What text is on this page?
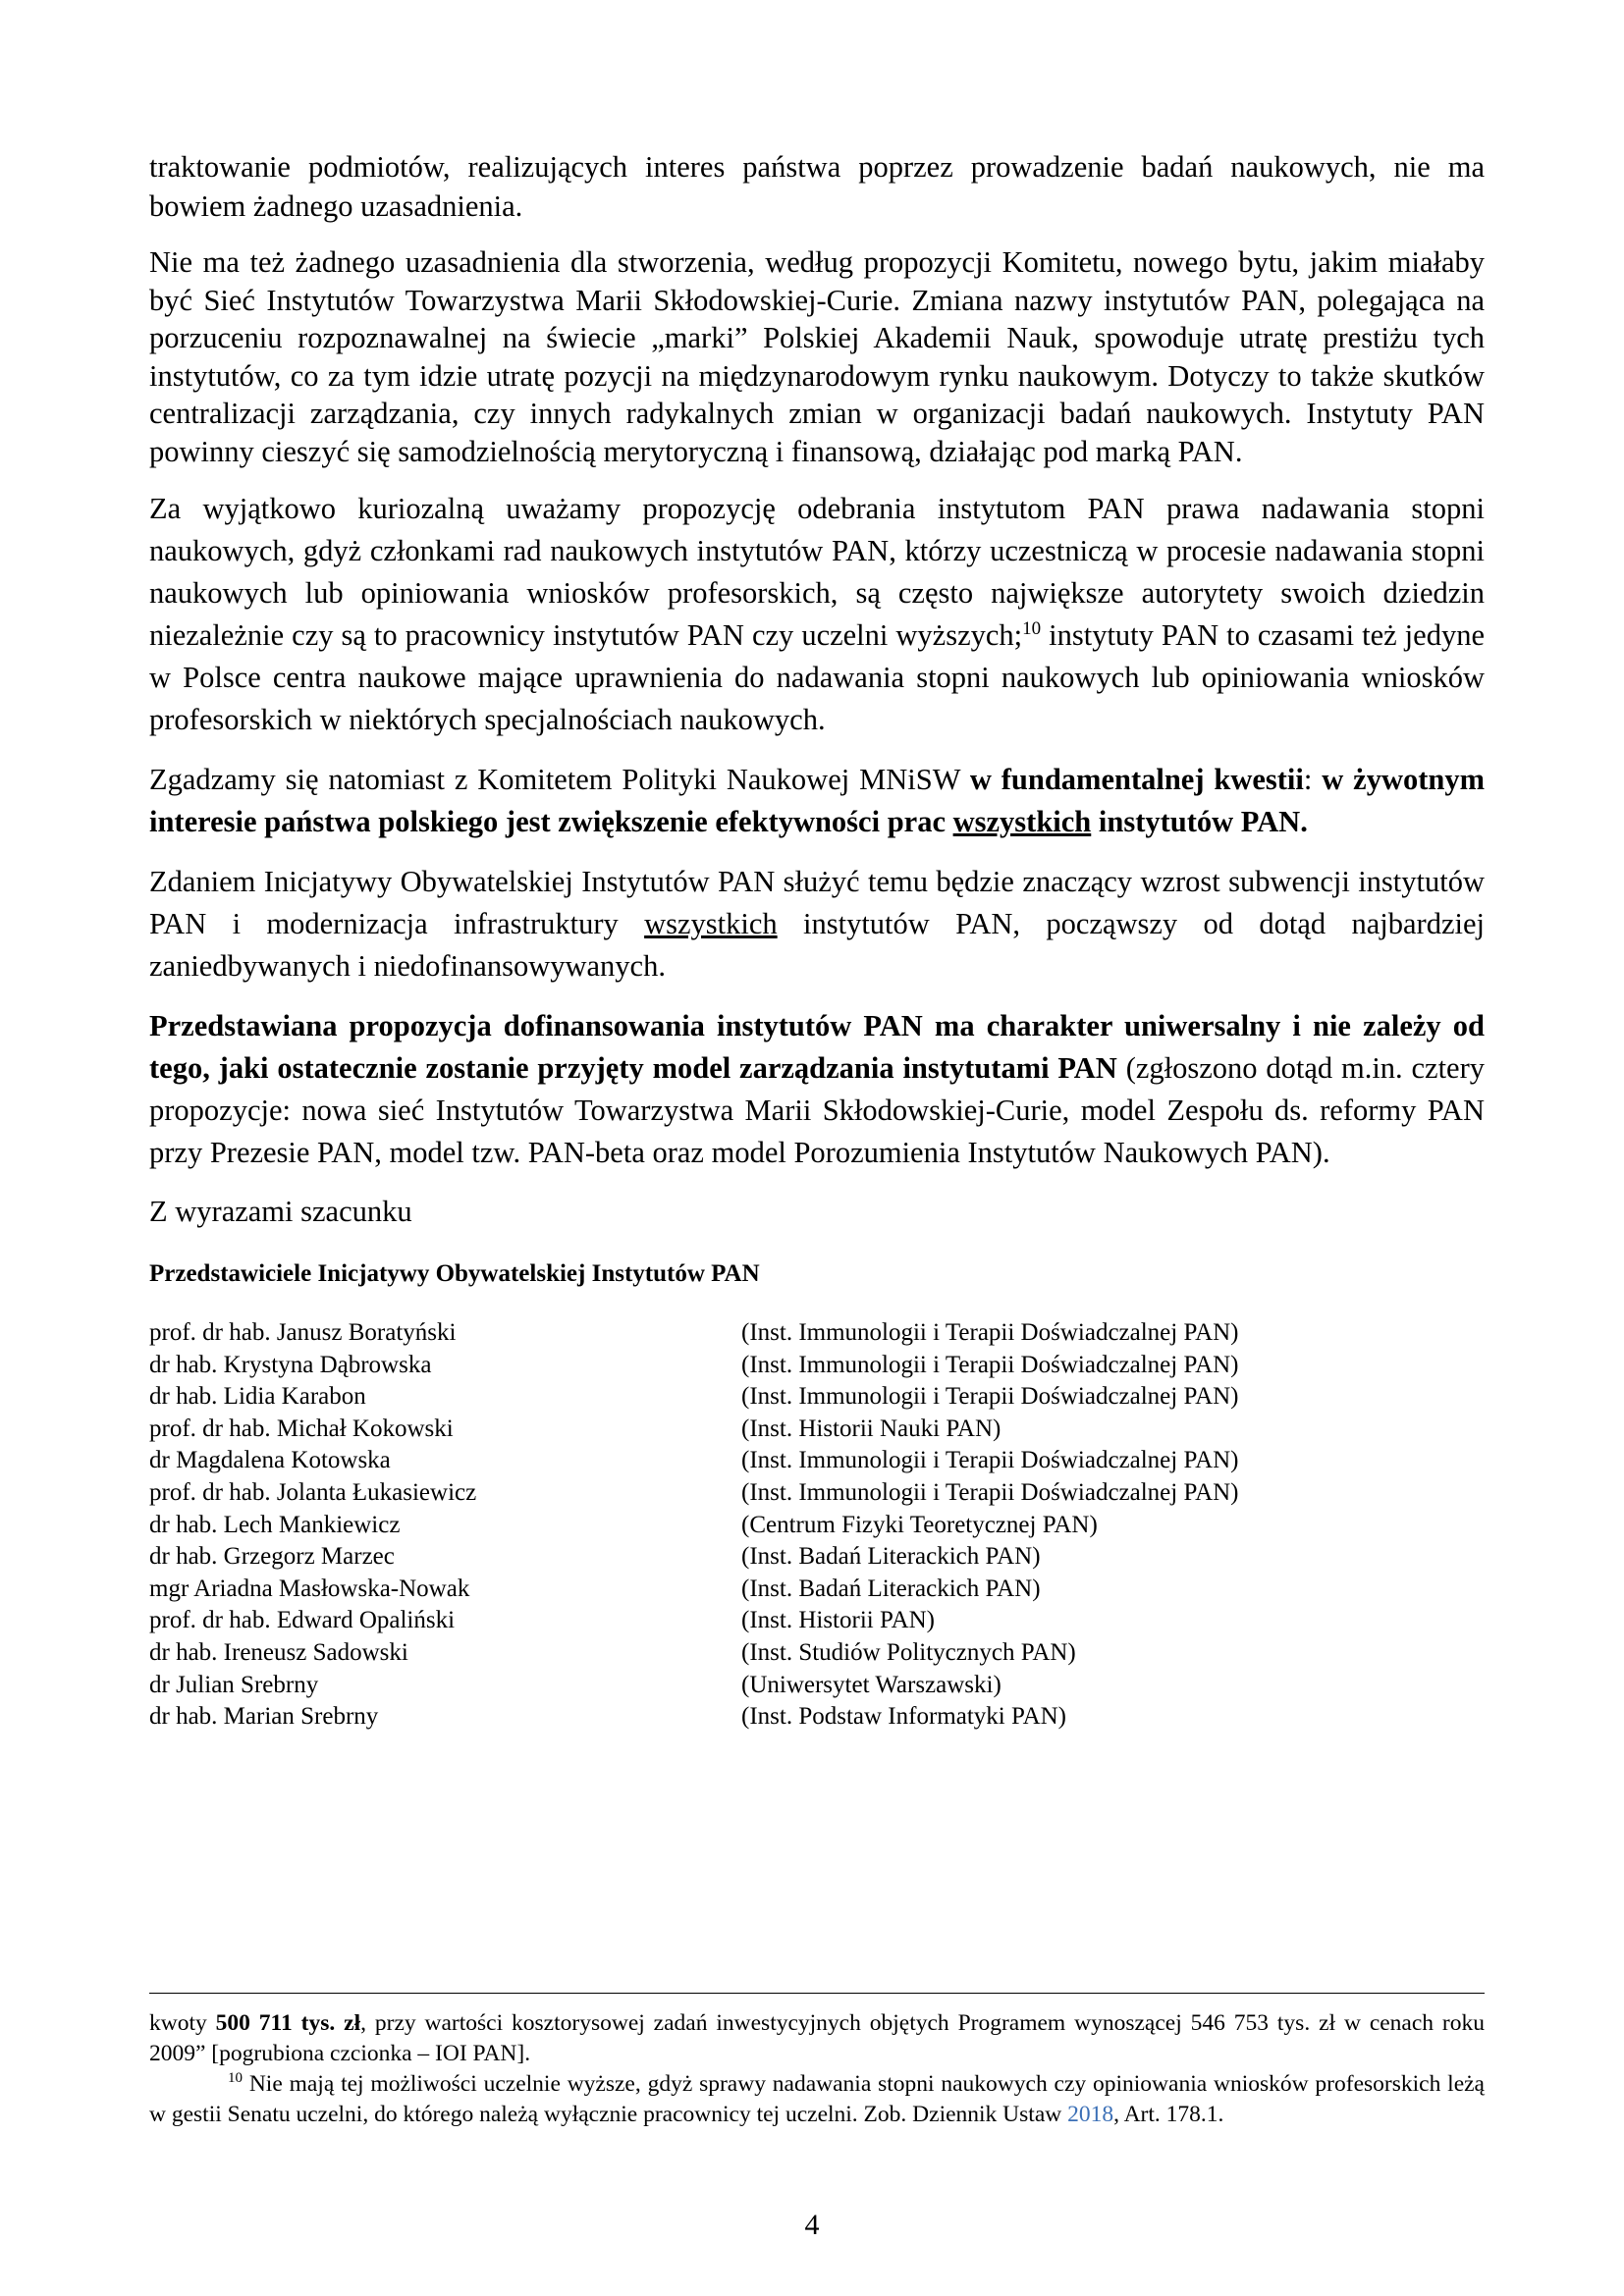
traktowanie podmiotów, realizujących interes państwa poprzez prowadzenie badań naukowych, nie ma bowiem żadnego uzasadnienia.

Nie ma też żadnego uzasadnienia dla stworzenia, według propozycji Komitetu, nowego bytu, jakim miałaby być Sieć Instytutów Towarzystwa Marii Skłodowskiej-Curie. Zmiana nazwy instytutów PAN, polegająca na porzuceniu rozpoznawalnej na świecie „marki” Polskiej Akademii Nauk, spowoduje utratę prestiżu tych instytutów, co za tym idzie utratę pozycji na międzynarodowym rynku naukowym. Dotyczy to także skutków centralizacji zarządzania, czy innych radykalnych zmian w organizacji badań naukowych. Instytuty PAN powinny cieszyć się samodzielnością merytoryczną i finansową, działając pod marką PAN.

Za wyjątkowo kuriozalną uważamy propozycję odebrania instytutom PAN prawa nadawania stopni naukowych, gdyż członkami rad naukowych instytutów PAN, którzy uczestniczą w procesie nadawania stopni naukowych lub opiniowania wniosków profesorskich, są często największe autorytety swoich dziedzin niezależnie czy są to pracownicy instytutów PAN czy uczelni wyższych;$^{10}$ instytuty PAN to czasami też jedyne w Polsce centra naukowe mające uprawnienia do nadawania stopni naukowych lub opiniowania wniosków profesorskich w niektórych specjalnościach naukowych.

Zgadzamy się natomiast z Komitetem Polityki Naukowej MNiSW w fundamentalnej kwestii: w żywotnym interesie państwa polskiego jest zwiększenie efektywności prac wszystkich instytutów PAN.

Zdaniem Inicjatywy Obywatelskiej Instytutów PAN służyć temu będzie znaczący wzrost subwencji instytutów PAN i modernizacja infrastruktury wszystkich instytutów PAN, począwszy od dotąd najbardziej zaniedbywanych i niedofinansowywanych.

Przedstawiana propozycja dofinansowania instytutów PAN ma charakter uniwersalny i nie zależy od tego, jaki ostatecznie zostanie przyjęty model zarządzania instytutami PAN (zgłoszono dotąd m.in. cztery propozycje: nowa sieć Instytutów Towarzystwa Marii Skłodowskiej-Curie, model Zespołu ds. reformy PAN przy Prezesie PAN, model tzw. PAN-beta oraz model Porozumienia Instytutów Naukowych PAN).

Z wyrazami szacunku

Przedstawiciele Inicjatywy Obywatelskiej Instytutów PAN

prof. dr hab. Janusz Boratyński	(Inst. Immunologii i Terapii Doświadczalnej PAN)
dr hab. Krystyna Dąbrowska	(Inst. Immunologii i Terapii Doświadczalnej PAN)
dr hab. Lidia Karabon	(Inst. Immunologii i Terapii Doświadczalnej PAN)
prof. dr hab. Michał Kokowski	(Inst. Historii Nauki PAN)
dr Magdalena Kotowska	(Inst. Immunologii i Terapii Doświadczalnej PAN)
prof. dr hab. Jolanta Łukasiewicz	(Inst. Immunologii i Terapii Doświadczalnej PAN)
dr hab. Lech Mankiewicz	(Centrum Fizyki Teoretycznej PAN)
dr hab. Grzegorz Marzec	(Inst. Badań Literackich PAN)
mgr Ariadna Masłowska-Nowak	(Inst. Badań Literackich PAN)
prof. dr hab. Edward Opaliński	(Inst. Historii PAN)
dr hab. Ireneusz Sadowski	(Inst. Studiów Politycznych PAN)
dr Julian Srebrny	(Uniwersytet Warszawski)
dr hab. Marian Srebrny	(Inst. Podstaw Informatyki PAN)

kwoty 500 711 tys. zł, przy wartości kosztorysowej zadań inwestycyjnych objętych Programem wynoszącej 546 753 tys. zł w cenach roku 2009” [pogrubiona czcionka – IOI PAN].

$^{10}$ Nie mają tej możliwości uczelnie wyższe, gdyż sprawy nadawania stopni naukowych czy opiniowania wniosków profesorskich leżą w gestii Senatu uczelni, do którego należą wyłącznie pracownicy tej uczelni. Zob. Dziennik Ustaw 2018, Art. 178.1.

4
